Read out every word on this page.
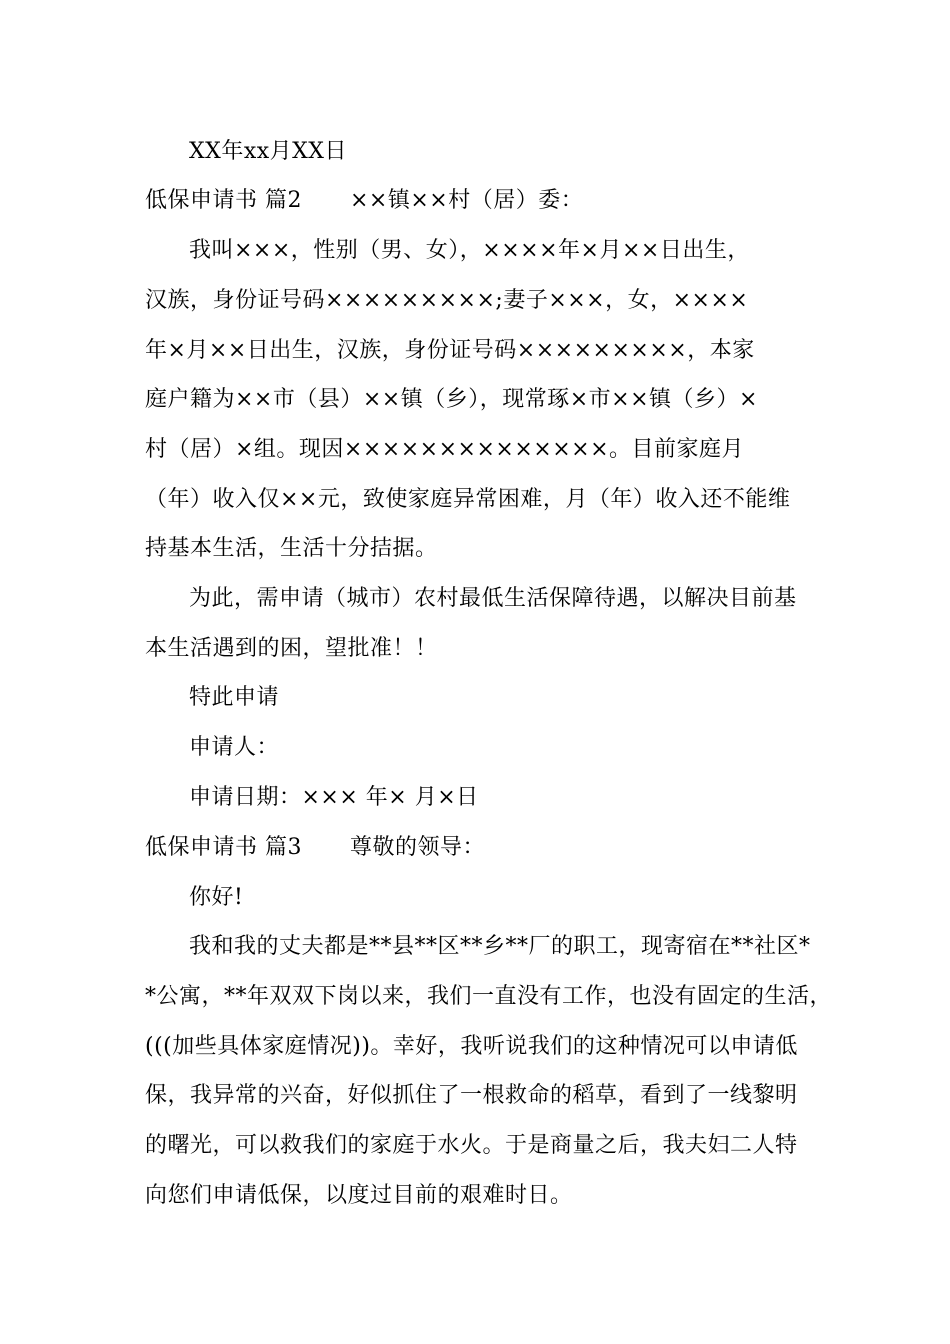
XX年xx月XX日
低保申请书 篇2 ××镇××村（居）委：
我叫×××，性别（男、女），××××年×月××日出生，
汉族，身份证号码×××××××××;妻子×××，女，××××
年×月××日出生，汉族，身份证号码×××××××××，本家
庭户籍为××市（县）××镇（乡），现常琢×市××镇（乡）×
村（居）×组。现因××××××××××××××。目前家庭月
（年）收入仅××元，致使家庭异常困难，月（年）收入还不能维
持基本生活，生活十分拮据。
为此，需申请（城市）农村最低生活保障待遇，以解决目前基
本生活遇到的困，望批准！！
特此申请
申请人：
申请日期：××× 年× 月×日
低保申请书 篇3 尊敬的领导：
你好!
我和我的丈夫都是**县**区**乡**厂的职工，现寄宿在**社区*
*公寓，**年双双下岗以来，我们一直没有工作，也没有固定的生活，
(((加些具体家庭情况))。幸好，我听说我们的这种情况可以申请低
保，我异常的兴奋，好似抓住了一根救命的稻草，看到了一线黎明
的曙光，可以救我们的家庭于水火。于是商量之后，我夫妇二人特
向您们申请低保，以度过目前的艰难时日。
